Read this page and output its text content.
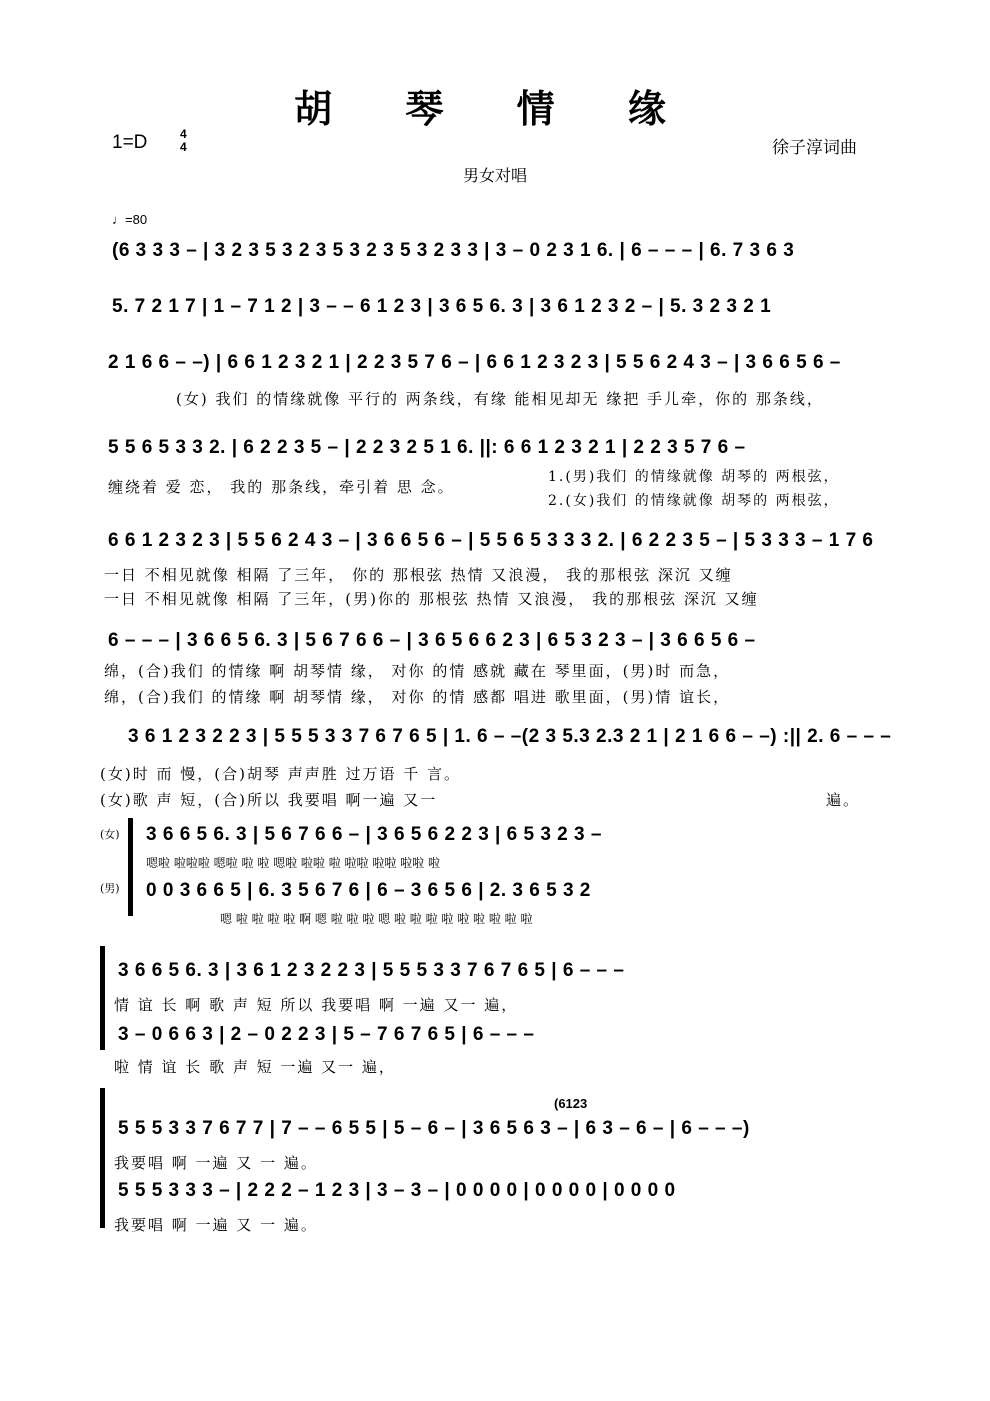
胡 琴 情 缘
1=D	4
4	徐子淳词曲
男女对唱
♩=80
(6 3 3 3 – | 3 2 3 5 3 2 3 5 3 2 3 5 3 2 3 3 | 3 – 0 2 3 1 6. | 6 – – – | 6. 7 3 6 3
5. 7 2 1 7 | 1 – 7 1 2 | 3 – – 6 1 2 3 | 3 6 5 6. 3 | 3 6 1 2 3 2 – | 5. 3 2 3 2 1
2 1 6 6 – –) | 6 6 1 2 3 2 1 | 2 2 3 5 7 6 – | 6 6 1 2 3 2 3 | 5 5 6 2 4 3 – | 3 6 6 5 6 –
(女) 我们 的情缘就像 平行的 两条线，有缘 能相见却无 缘把 手儿牵，你的 那条线，
5 5 6 5 3 3 2. | 6 2 2 3 5 – | 2 2 3 2 5 1 6. ||: 6 6 1 2 3 2 1 | 2 2 3 5 7 6 –
缠绕着 爱 恋， 我的 那条线，牵引着 思 念。
1.(男)我们 的情缘就像 胡琴的 两根弦，
2.(女)我们 的情缘就像 胡琴的 两根弦，
6 6 1 2 3 2 3 | 5 5 6 2 4 3 – | 3 6 6 5 6 – | 5 5 6 5 3 3 3 2. | 6 2 2 3 5 – | 5 3 3 3 – 1 7 6
一日 不相见就像 相隔 了三年， 你的 那根弦 热情 又浪漫， 我的那根弦 深沉 又缠
一日 不相见就像 相隔 了三年，(男)你的 那根弦 热情 又浪漫， 我的那根弦 深沉 又缠
6 – – – | 3 6 6 5 6. 3 | 5 6 7 6 6 – | 3 6 5 6 6 2 3 | 6 5 3 2 3 – | 3 6 6 5 6 –
绵，(合)我们 的情缘 啊 胡琴情 缘， 对你 的情 感就 藏在 琴里面，(男)时 而急，
绵，(合)我们 的情缘 啊 胡琴情 缘， 对你 的情 感都 唱进 歌里面，(男)情 谊长，
3 6 1 2 3 2 2 3 | 5 5 5 3 3 7 6 7 6 5 | 1. 6 – –(2 3 5.3 2.3 2 1 | 2 1 6 6 – –) :|| 2. 6 – – –
(女)时 而 慢，(合)胡琴 声声胜 过万语 千 言。
(女)歌 声 短，(合)所以 我要唱 啊一遍 又一	遍。
(女) 3 6 6 5 6. 3 | 5 6 7 6 6 – | 3 6 5 6 2 2 3 | 6 5 3 2 3 –
嗯啦 啦啦啦 嗯啦 啦 啦 嗯啦 啦啦 啦 啦啦 啦啦 啦啦 啦
(男) 0 0 3 6 6 5 | 6. 3 5 6 7 6 | 6 – 3 6 5 6 | 2. 3 6 5 3 2
嗯 啦 啦 啦 啦 啊 嗯 啦 啦 啦 嗯 啦 啦 啦 啦 啦 啦 啦 啦 啦
3 6 6 5 6. 3 | 3 6 1 2 3 2 2 3 | 5 5 5 3 3 7 6 7 6 5 | 6 – – –
情 谊 长 啊 歌 声 短 所以 我要唱 啊 一遍 又一 遍，
3 – 0 6 6 3 | 2 – 0 2 2 3 | 5 – 7 6 7 6 5 | 6 – – –
啦 情 谊 长 歌 声 短 一遍 又一 遍，
(6123
5 5 5 3 3 7 6 7 7 | 7 – – 6 5 5 | 5 – 6 – | 3 6 5 6 3 – | 6 3 – 6 – | 6 – – –)
我要唱 啊 一遍 又 一 遍。
5 5 5 3 3 3 – | 2 2 2 – 1 2 3 | 3 – 3 – | 0 0 0 0 | 0 0 0 0 | 0 0 0 0
我要唱 啊 一遍 又 一 遍。
